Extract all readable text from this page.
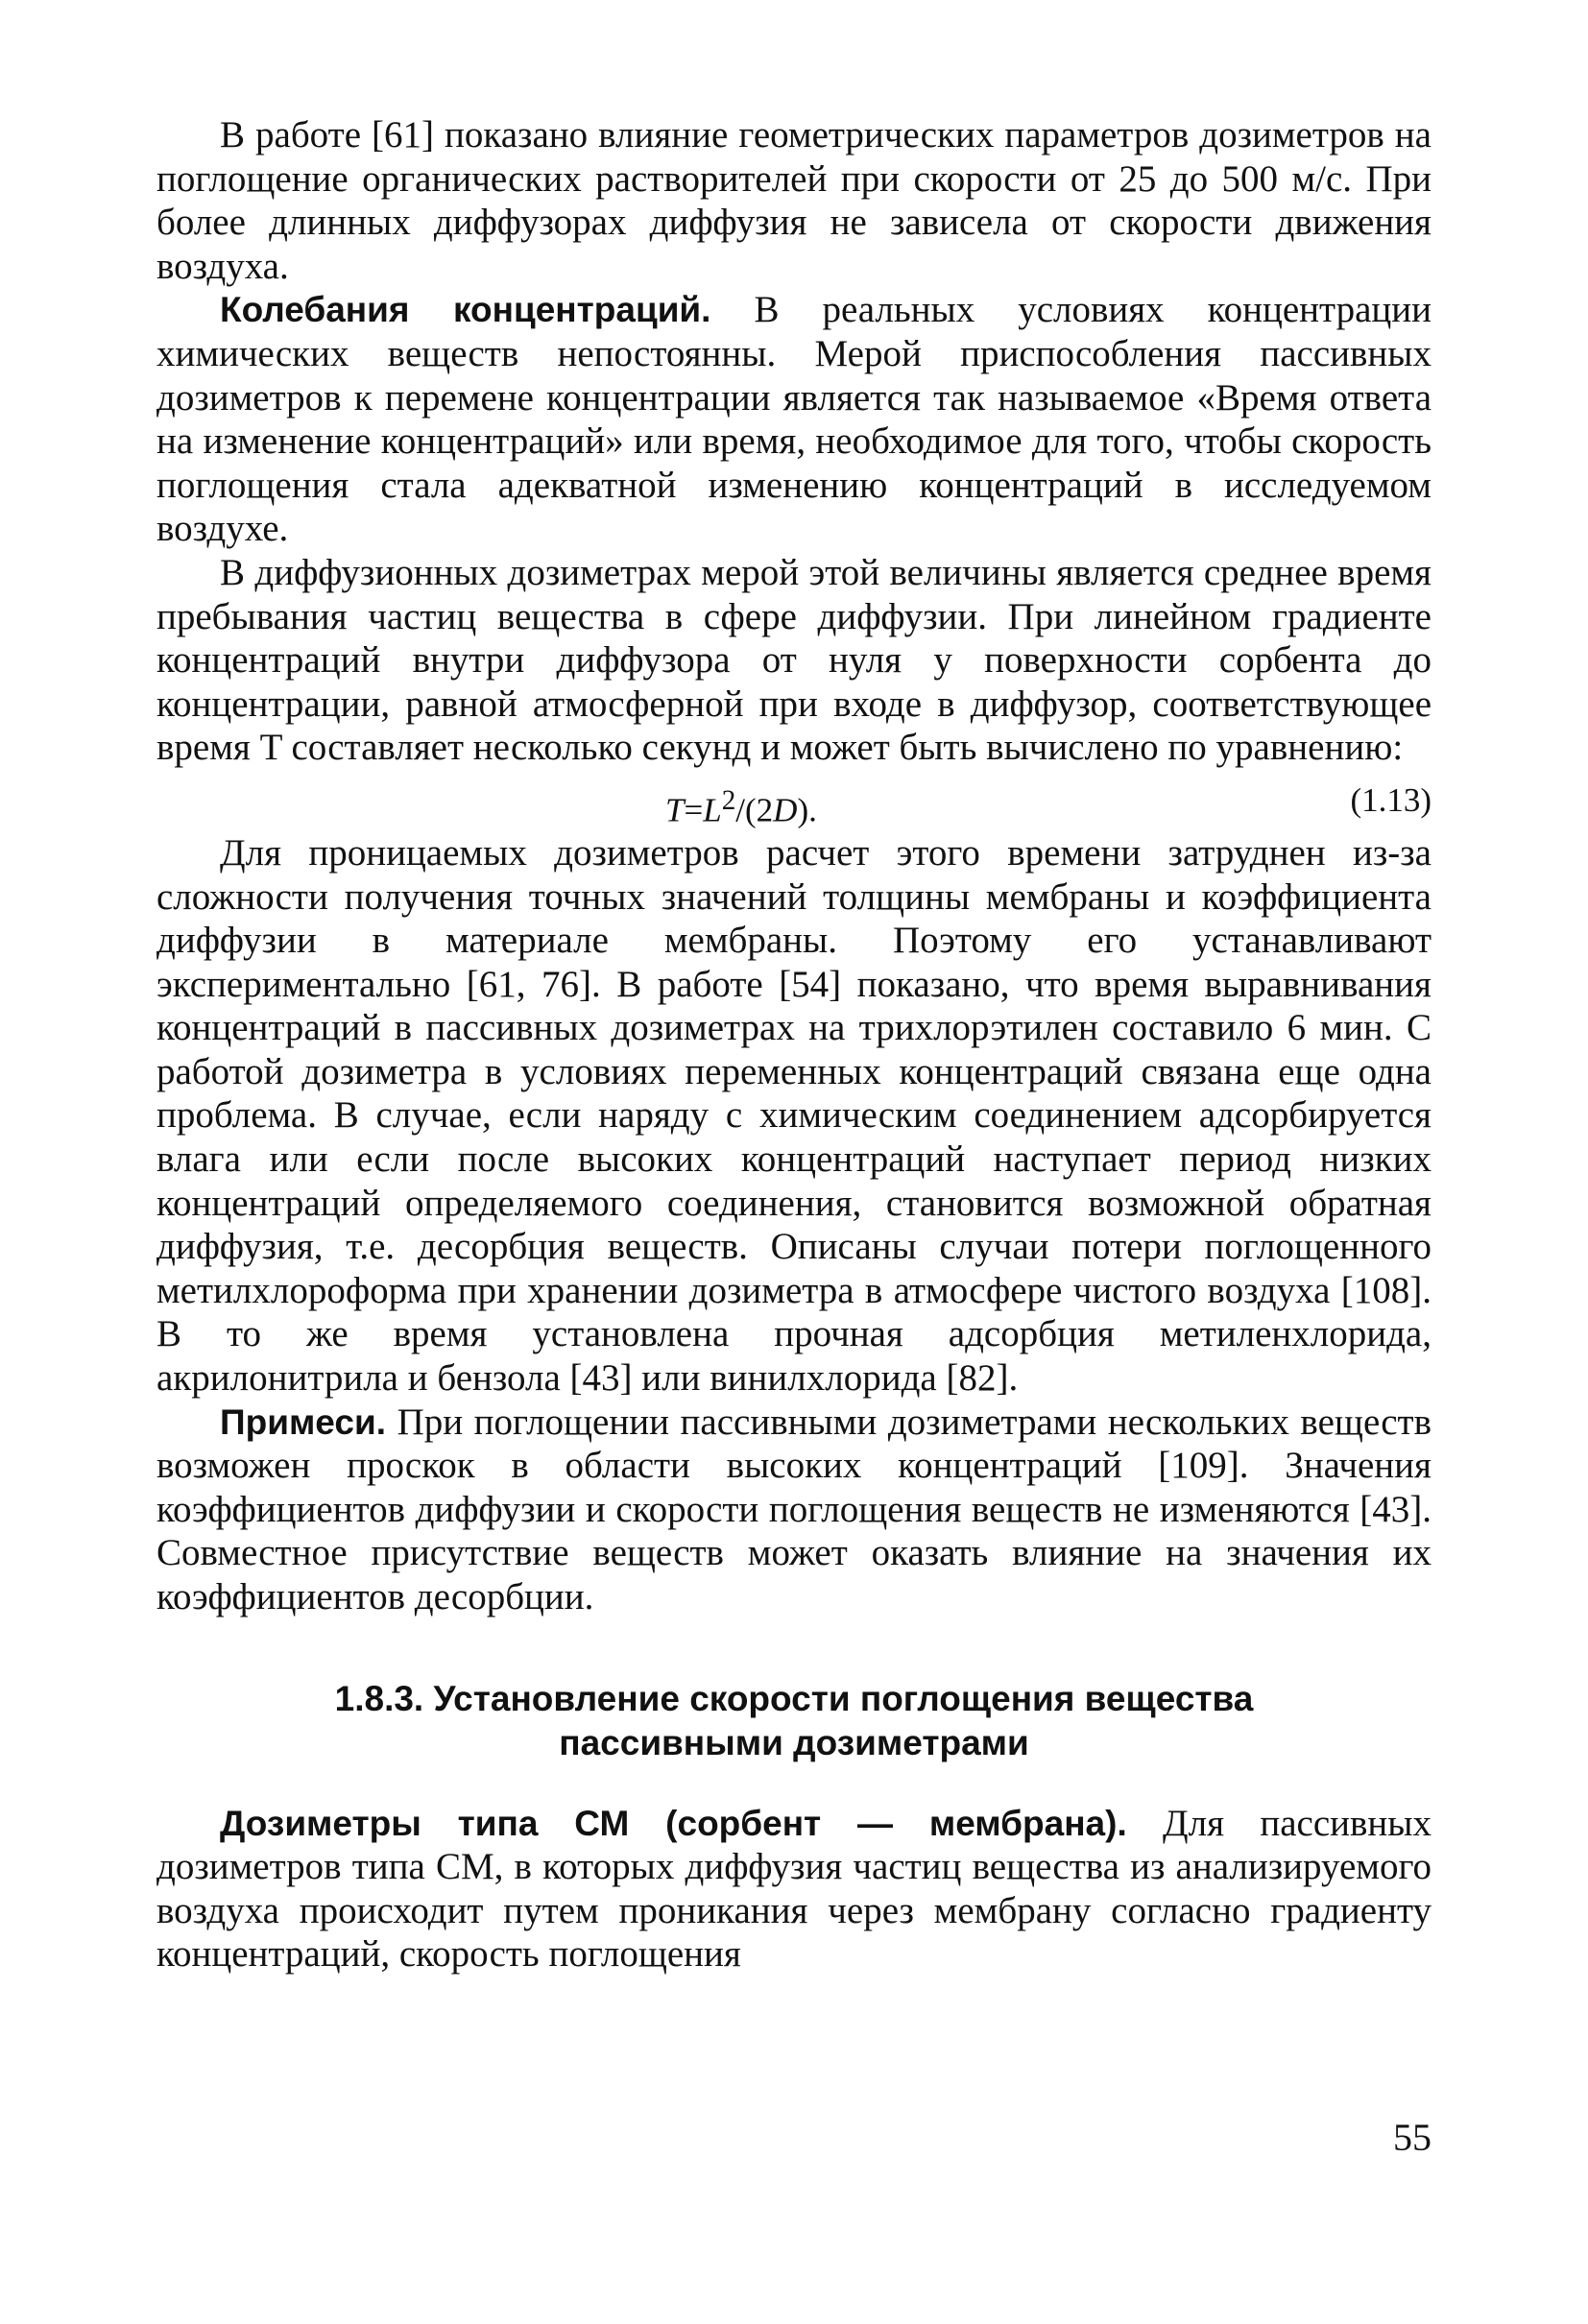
В работе [61] показано влияние геометрических параметров дозиметров на поглощение органических растворителей при скорости от 25 до 500 м/с. При более длинных диффузорах диффузия не зависела от скорости движения воздуха.

Колебания концентраций. В реальных условиях концентрации химических веществ непостоянны. Мерой приспособления пассивных дозиметров к перемене концентрации является так называемое «Время ответа на изменение концентраций» или время, необходимое для того, чтобы скорость поглощения стала адекватной изменению концентраций в исследуемом воздухе.

В диффузионных дозиметрах мерой этой величины является среднее время пребывания частиц вещества в сфере диффузии. При линейном градиенте концентраций внутри диффузора от нуля у поверхности сорбента до концентрации, равной атмосферной при входе в диффузор, соответствующее время T составляет несколько секунд и может быть вычислено по уравнению:

$T=L^2/(2D)$.	(1.13)

Для проницаемых дозиметров расчет этого времени затруднен из-за сложности получения точных значений толщины мембраны и коэффициента диффузии в материале мембраны. Поэтому его устанавливают экспериментально [61, 76]. В работе [54] показано, что время выравнивания концентраций в пассивных дозиметрах на трихлорэтилен составило 6 мин. С работой дозиметра в условиях переменных концентраций связана еще одна проблема. В случае, если наряду с химическим соединением адсорбируется влага или если после высоких концентраций наступает период низких концентраций определяемого соединения, становится возможной обратная диффузия, т.е. десорбция веществ. Описаны случаи потери поглощенного метилхлороформа при хранении дозиметра в атмосфере чистого воздуха [108]. В то же время установлена прочная адсорбция метиленхлорида, акрилонитрила и бензола [43] или винилхлорида [82].

Примеси. При поглощении пассивными дозиметрами нескольких веществ возможен проскок в области высоких концентраций [109]. Значения коэффициентов диффузии и скорости поглощения веществ не изменяются [43]. Совместное присутствие веществ может оказать влияние на значения их коэффициентов десорбции.

1.8.3. Установление скорости поглощения вещества
пассивными дозиметрами

Дозиметры типа СМ (сорбент — мембрана). Для пассивных дозиметров типа СМ, в которых диффузия частиц вещества из анализируемого воздуха происходит путем проникания через мембрану согласно градиенту концентраций, скорость поглощения

55
